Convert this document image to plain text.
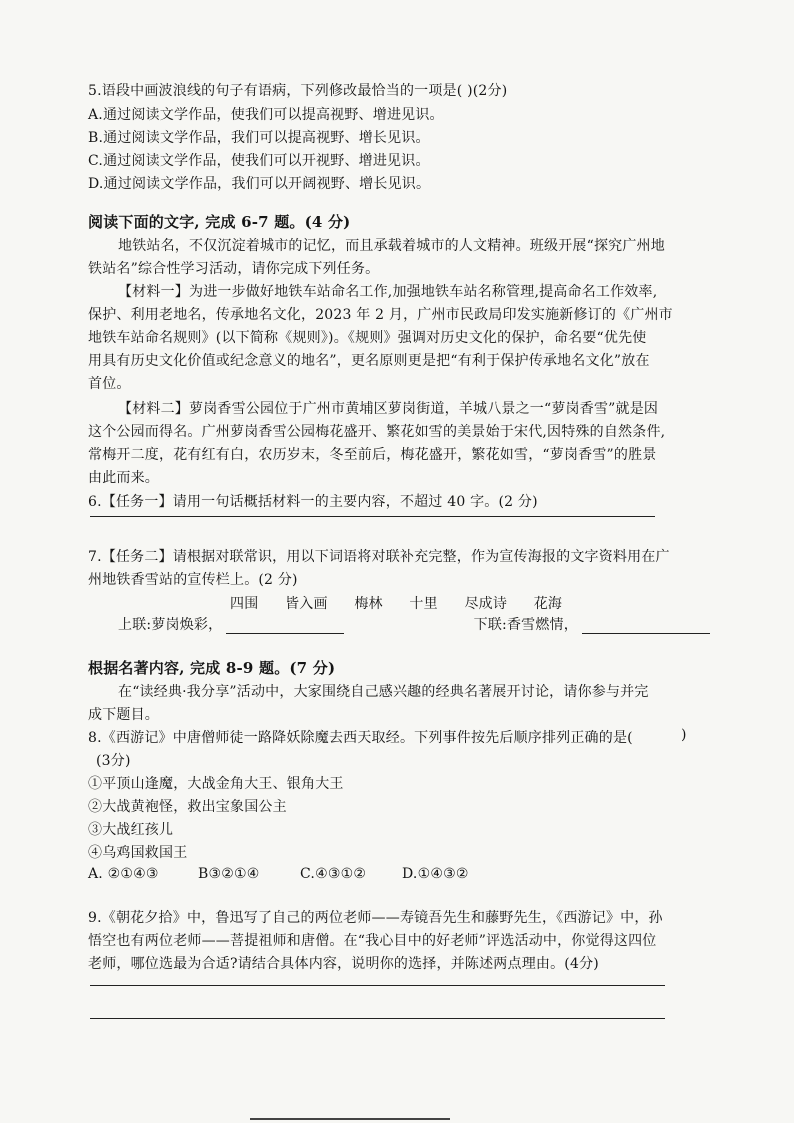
5.语段中画波浪线的句子有语病，下列修改最恰当的一项是( )(2分)
A.通过阅读文学作品，使我们可以提高视野、增进见识。
B.通过阅读文学作品，我们可以提高视野、增长见识。
C.通过阅读文学作品，使我们可以开视野、增进见识。
D.通过阅读文学作品，我们可以开阔视野、增长见识。
阅读下面的文字, 完成 6-7 题。(4 分)
地铁站名，不仅沉淀着城市的记忆，而且承载着城市的人文精神。班级开展“探究广州地
铁站名”综合性学习活动，请你完成下列任务。
【材料一】为进一步做好地铁车站命名工作,加强地铁车站名称管理,提高命名工作效率,
保护、利用老地名，传承地名文化，2023 年 2 月，广州市民政局印发实施新修订的《广州市
地铁车站命名规则》(以下简称《规则》)。《规则》强调对历史文化的保护，命名要“优先使
用具有历史文化价值或纪念意义的地名”，更名原则更是把“有利于保护传承地名文化”放在
首位。
【材料二】萝岗香雪公园位于广州市黄埔区萝岗街道，羊城八景之一“萝岗香雪”就是因
这个公园而得名。广州萝岗香雪公园梅花盛开、繁花如雪的美景始于宋代,因特殊的自然条件,
常梅开二度，花有红有白，农历岁末，冬至前后，梅花盛开，繁花如雪，“萝岗香雪”的胜景
由此而来。
6.【任务一】请用一句话概括材料一的主要内容，不超过 40 字。(2 分)
7.【任务二】请根据对联常识，用以下词语将对联补充完整，作为宣传海报的文字资料用在广
州地铁香雪站的宣传栏上。(2 分)
四围 皆入画 梅林 十里 尽成诗 花海
上联:萝岗焕彩，	下联:香雪燃情，
根据名著内容, 完成 8-9 题。(7 分)
在“读经典·我分享”活动中，大家围绕自己感兴趣的经典名著展开讨论，请你参与并完
成下题目。
8.《西游记》中唐僧师徒一路降妖除魔去西天取经。下列事件按先后顺序排列正确的是(	)
(3分)
①平顶山逢魔，大战金角大王、银角大王
②大战黄袍怪，救出宝象国公主
③大战红孩儿
④乌鸡国救国王
A. ②①④③	B③②①④	C.④③①②	D.①④③②
9.《朝花夕拾》中，鲁迅写了自己的两位老师——寿镜吾先生和藤野先生，《西游记》中，孙
悟空也有两位老师——菩提祖师和唐僧。在“我心目中的好老师”评选活动中，你觉得这四位
老师，哪位选最为合适?请结合具体内容，说明你的选择，并陈述两点理由。(4分)
